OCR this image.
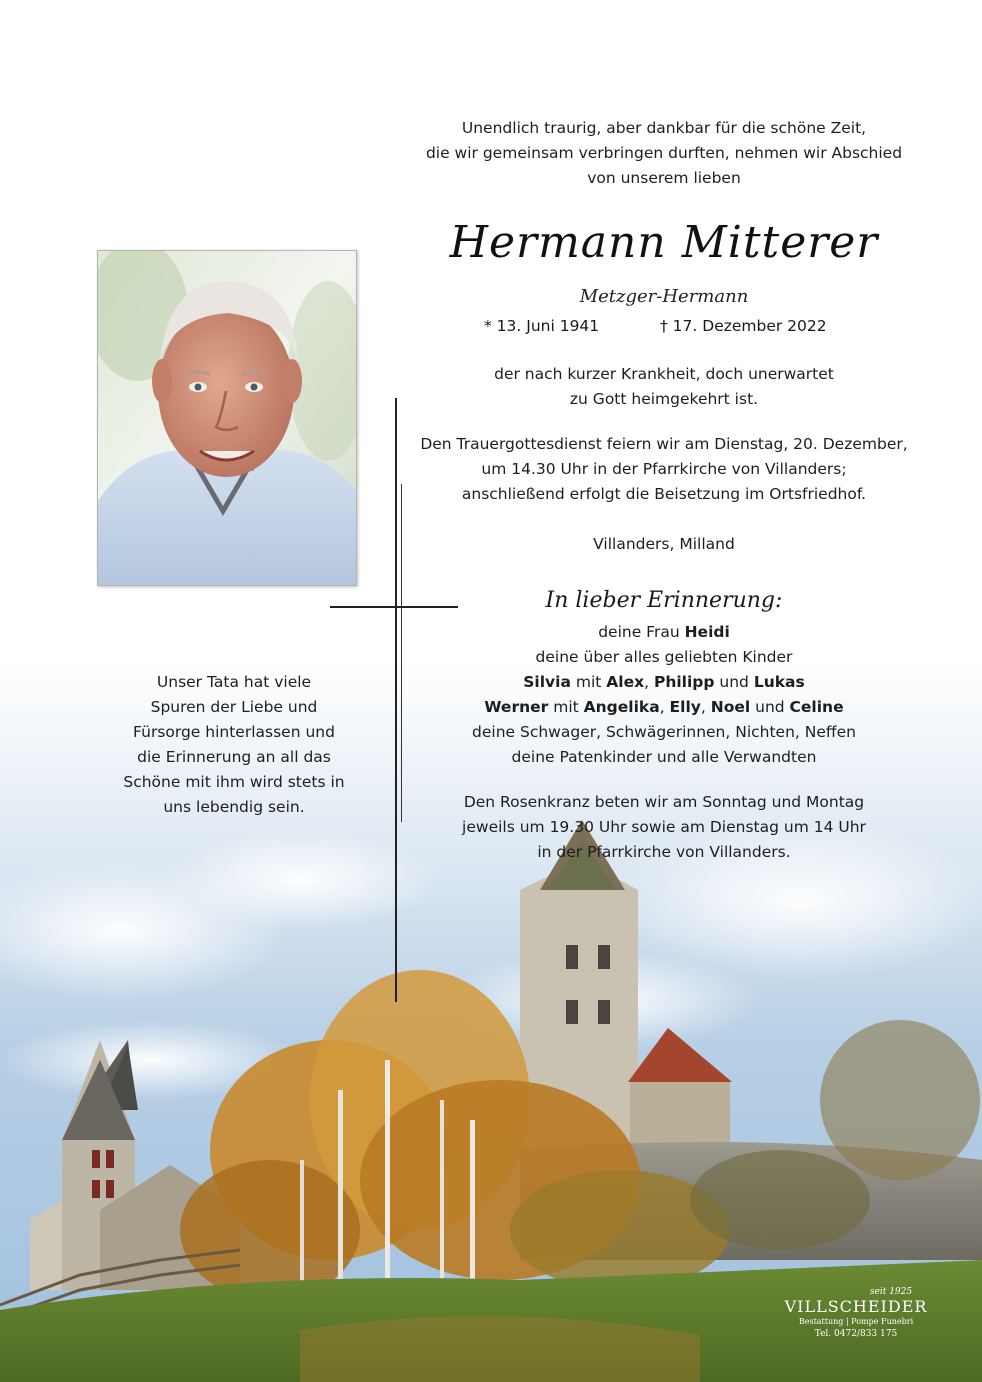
Unendlich traurig, aber dankbar für die schöne Zeit,
die wir gemeinsam verbringen durften, nehmen wir Abschied
von unserem lieben
Hermann Mitterer
Metzger-Hermann
* 13. Juni 1941	† 17. Dezember 2022
der nach kurzer Krankheit, doch unerwartet
zu Gott heimgekehrt ist.
Den Trauergottesdienst feiern wir am Dienstag, 20. Dezember,
um 14.30 Uhr in der Pfarrkirche von Villanders;
anschließend erfolgt die Beisetzung im Ortsfriedhof.
Villanders, Milland
In lieber Erinnerung:
deine Frau Heidi
deine über alles geliebten Kinder
Silvia mit Alex, Philipp und Lukas
Werner mit Angelika, Elly, Noel und Celine
deine Schwager, Schwägerinnen, Nichten, Neffen
deine Patenkinder und alle Verwandten
Den Rosenkranz beten wir am Sonntag und Montag
jeweils um 19.30 Uhr sowie am Dienstag um 14 Uhr
in der Pfarrkirche von Villanders.
Unser Tata hat viele
Spuren der Liebe und
Fürsorge hinterlassen und
die Erinnerung an all das
Schöne mit ihm wird stets in
uns lebendig sein.
seit 1925
VILLSCHEIDER
Bestattung | Pompe Funebri
Tel. 0472/833 175
